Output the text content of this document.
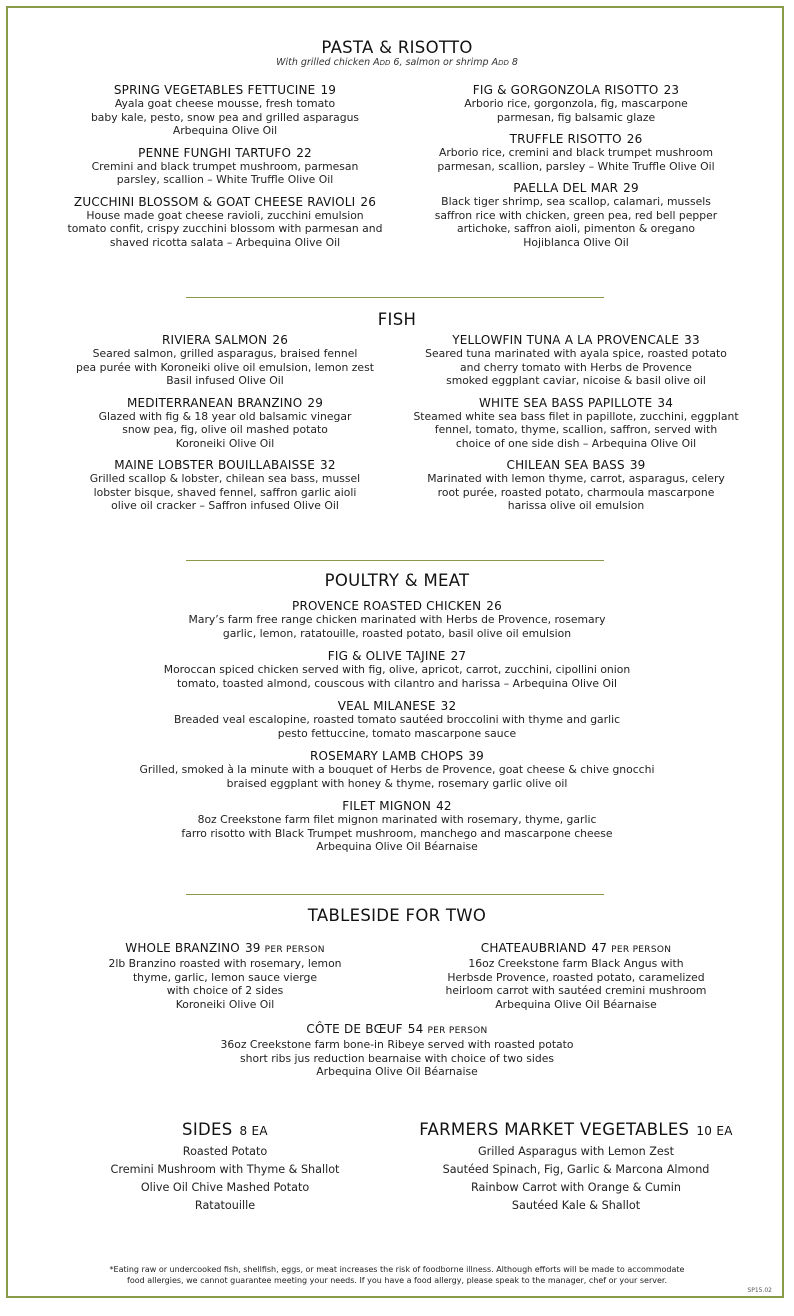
PASTA & RISOTTO
With grilled chicken ADD 6, salmon or shrimp ADD 8
SPRING VEGETABLES FETTUCINE 19
Ayala goat cheese mousse, fresh tomato
baby kale, pesto, snow pea and grilled asparagus
Arbequina Olive Oil
PENNE FUNGHI TARTUFO 22
Cremini and black trumpet mushroom, parmesan
parsley, scallion – White Truffle Olive Oil
ZUCCHINI BLOSSOM & GOAT CHEESE RAVIOLI 26
House made goat cheese ravioli, zucchini emulsion
tomato confit, crispy zucchini blossom with parmesan and
shaved ricotta salata – Arbequina Olive Oil
FIG & GORGONZOLA RISOTTO 23
Arborio rice, gorgonzola, fig, mascarpone
parmesan, fig balsamic glaze
TRUFFLE RISOTTO 26
Arborio rice, cremini and black trumpet mushroom
parmesan, scallion, parsley – White Truffle Olive Oil
PAELLA DEL MAR 29
Black tiger shrimp, sea scallop, calamari, mussels
saffron rice with chicken, green pea, red bell pepper
artichoke, saffron aioli, pimenton & oregano
Hojiblanca Olive Oil
FISH
RIVIERA SALMON 26
Seared salmon, grilled asparagus, braised fennel
pea purée with Koroneiki olive oil emulsion, lemon zest
Basil infused Olive Oil
MEDITERRANEAN BRANZINO 29
Glazed with fig & 18 year old balsamic vinegar
snow pea, fig, olive oil mashed potato
Koroneiki Olive Oil
MAINE LOBSTER BOUILLABAISSE 32
Grilled scallop & lobster, chilean sea bass, mussel
lobster bisque, shaved fennel, saffron garlic aioli
olive oil cracker – Saffron infused Olive Oil
YELLOWFIN TUNA A LA PROVENCALE 33
Seared tuna marinated with ayala spice, roasted potato
and cherry tomato with Herbs de Provence
smoked eggplant caviar, nicoise & basil olive oil
WHITE SEA BASS PAPILLOTE 34
Steamed white sea bass filet in papillote, zucchini, eggplant
fennel, tomato, thyme, scallion, saffron, served with
choice of one side dish – Arbequina Olive Oil
CHILEAN SEA BASS 39
Marinated with lemon thyme, carrot, asparagus, celery
root purée, roasted potato, charmoula mascarpone
harissa olive oil emulsion
POULTRY & MEAT
PROVENCE ROASTED CHICKEN 26
Mary’s farm free range chicken marinated with Herbs de Provence, rosemary
garlic, lemon, ratatouille, roasted potato, basil olive oil emulsion
FIG & OLIVE TAJINE 27
Moroccan spiced chicken served with fig, olive, apricot, carrot, zucchini, cipollini onion
tomato, toasted almond, couscous with cilantro and harissa – Arbequina Olive Oil
VEAL MILANESE 32
Breaded veal escalopine, roasted tomato sautéed broccolini with thyme and garlic
pesto fettuccine, tomato mascarpone sauce
ROSEMARY LAMB CHOPS 39
Grilled, smoked à la minute with a bouquet of Herbs de Provence, goat cheese & chive gnocchi
braised eggplant with honey & thyme, rosemary garlic olive oil
FILET MIGNON 42
8oz Creekstone farm filet mignon marinated with rosemary, thyme, garlic
farro risotto with Black Trumpet mushroom, manchego and mascarpone cheese
Arbequina Olive Oil Béarnaise
TABLESIDE FOR TWO
WHOLE BRANZINO 39 PER PERSON
2lb Branzino roasted with rosemary, lemon
thyme, garlic, lemon sauce vierge
with choice of 2 sides
Koroneiki Olive Oil
CHATEAUBRIAND 47 PER PERSON
16oz Creekstone farm Black Angus with
Herbsde Provence, roasted potato, caramelized
heirloom carrot with sautéed cremini mushroom
Arbequina Olive Oil Béarnaise
CÔTE DE BŒUF 54 PER PERSON
36oz Creekstone farm bone-in Ribeye served with roasted potato
short ribs jus reduction bearnaise with choice of two sides
Arbequina Olive Oil Béarnaise
SIDES 8 EA
Roasted Potato
Cremini Mushroom with Thyme & Shallot
Olive Oil Chive Mashed Potato
Ratatouille
FARMERS MARKET VEGETABLES 10 EA
Grilled Asparagus with Lemon Zest
Sautéed Spinach, Fig, Garlic & Marcona Almond
Rainbow Carrot with Orange & Cumin
Sautéed Kale & Shallot
*Eating raw or undercooked fish, shellfish, eggs, or meat increases the risk of foodborne illness. Although efforts will be made to accommodate
food allergies, we cannot guarantee meeting your needs. If you have a food allergy, please speak to the manager, chef or your server.
SP15.02
